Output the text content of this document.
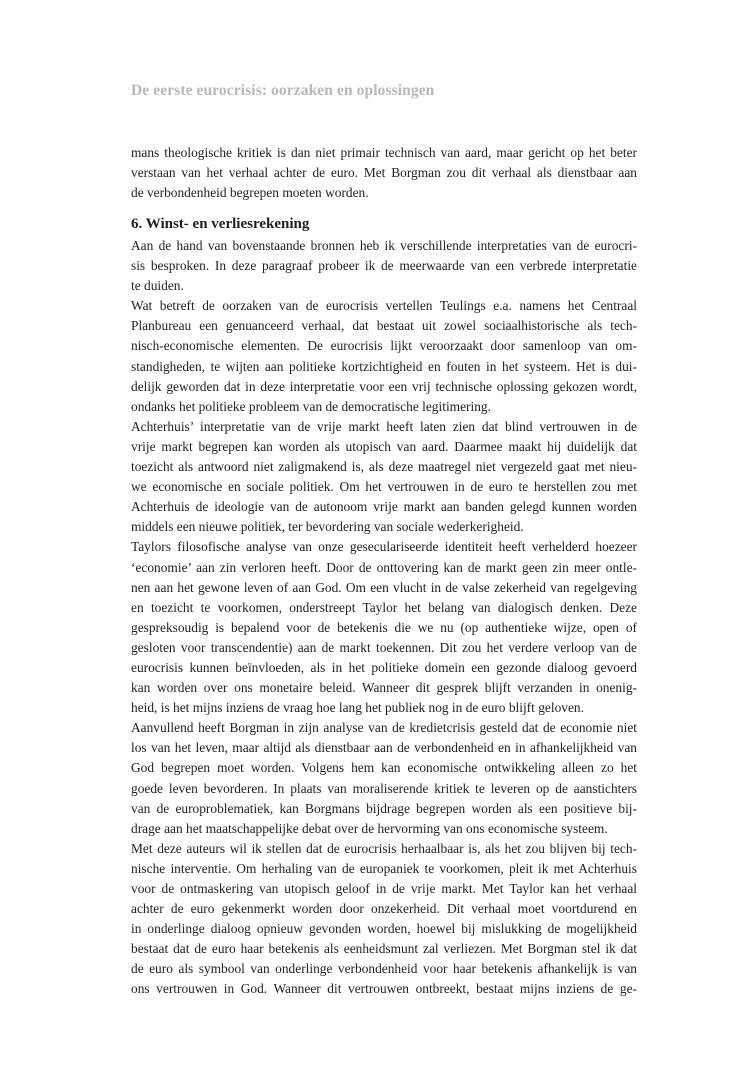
De eerste eurocrisis: oorzaken en oplossingen
mans theologische kritiek is dan niet primair technisch van aard, maar gericht op het beter
verstaan van het verhaal achter de euro. Met Borgman zou dit verhaal als dienstbaar aan
de verbondenheid begrepen moeten worden.
6. Winst- en verliesrekening
Aan de hand van bovenstaande bronnen heb ik verschillende interpretaties van de eurocri-
sis besproken. In deze paragraaf probeer ik de meerwaarde van een verbrede interpretatie
te duiden.
Wat betreft de oorzaken van de eurocrisis vertellen Teulings e.a. namens het Centraal
Planbureau een genuanceerd verhaal, dat bestaat uit zowel sociaalhistorische als tech-
nisch-economische elementen. De eurocrisis lijkt veroorzaakt door samenloop van om-
standigheden, te wijten aan politieke kortzichtigheid en fouten in het systeem. Het is dui-
delijk geworden dat in deze interpretatie voor een vrij technische oplossing gekozen wordt,
ondanks het politieke probleem van de democratische legitimering.
Achterhuis’ interpretatie van de vrije markt heeft laten zien dat blind vertrouwen in de
vrije markt begrepen kan worden als utopisch van aard. Daarmee maakt hij duidelijk dat
toezicht als antwoord niet zaligmakend is, als deze maatregel niet vergezeld gaat met nieu-
we economische en sociale politiek. Om het vertrouwen in de euro te herstellen zou met
Achterhuis de ideologie van de autonoom vrije markt aan banden gelegd kunnen worden
middels een nieuwe politiek, ter bevordering van sociale wederkerigheid.
Taylors filosofische analyse van onze geseculariseerde identiteit heeft verhelderd hoezeer
‘economie’ aan zin verloren heeft. Door de onttovering kan de markt geen zin meer ontle-
nen aan het gewone leven of aan God. Om een vlucht in de valse zekerheid van regelgeving
en toezicht te voorkomen, onderstreept Taylor het belang van dialogisch denken. Deze
gespreksoudig is bepalend voor de betekenis die we nu (op authentieke wijze, open of
gesloten voor transcendentie) aan de markt toekennen. Dit zou het verdere verloop van de
eurocrisis kunnen beïnvloeden, als in het politieke domein een gezonde dialoog gevoerd
kan worden over ons monetaire beleid. Wanneer dit gesprek blijft verzanden in onenig-
heid, is het mijns inziens de vraag hoe lang het publiek nog in de euro blijft geloven.
Aanvullend heeft Borgman in zijn analyse van de kredietcrisis gesteld dat de economie niet
los van het leven, maar altijd als dienstbaar aan de verbondenheid en in afhankelijkheid van
God begrepen moet worden. Volgens hem kan economische ontwikkeling alleen zo het
goede leven bevorderen. In plaats van moraliserende kritiek te leveren op de aanstichters
van de europroblematiek, kan Borgmans bijdrage begrepen worden als een positieve bij-
drage aan het maatschappelijke debat over de hervorming van ons economische systeem.
Met deze auteurs wil ik stellen dat de eurocrisis herhaalbaar is, als het zou blijven bij tech-
nische interventie. Om herhaling van de europaniek te voorkomen, pleit ik met Achterhuis
voor de ontmaskering van utopisch geloof in de vrije markt. Met Taylor kan het verhaal
achter de euro gekenmerkt worden door onzekerheid. Dit verhaal moet voortdurend en
in onderlinge dialoog opnieuw gevonden worden, hoewel bij mislukking de mogelijkheid
bestaat dat de euro haar betekenis als eenheidsmunt zal verliezen. Met Borgman stel ik dat
de euro als symbool van onderlinge verbondenheid voor haar betekenis afhankelijk is van
ons vertrouwen in God. Wanneer dit vertrouwen ontbreekt, bestaat mijns inziens de ge-
